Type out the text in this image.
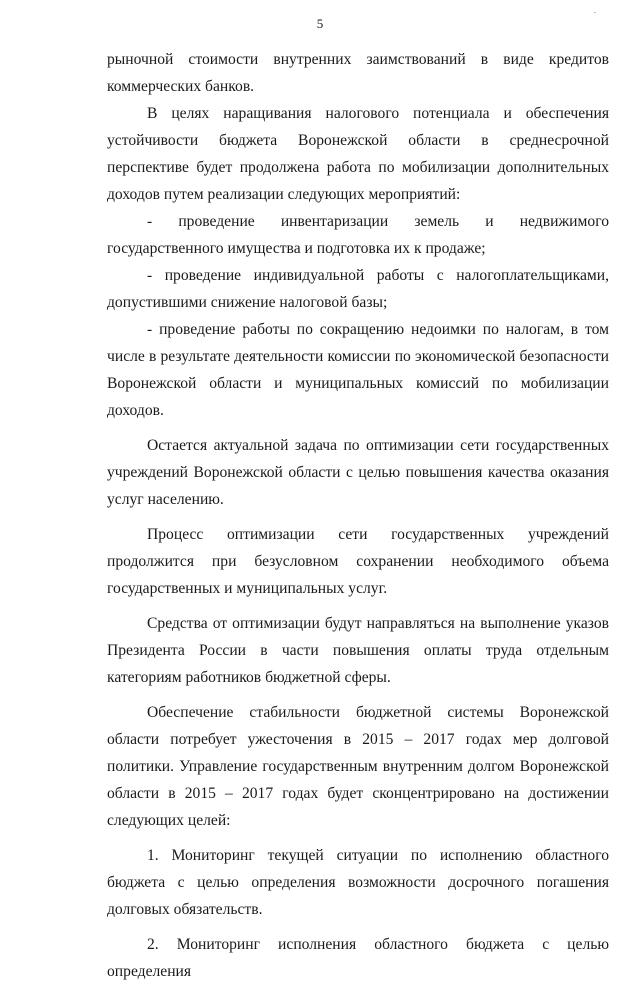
.
5

рыночной стоимости внутренних заимствований в виде кредитов коммерческих банков.

В целях наращивания налогового потенциала и обеспечения устойчивости бюджета Воронежской области в среднесрочной перспективе будет продолжена работа по мобилизации дополнительных доходов путем реализации следующих мероприятий:

- проведение инвентаризации земель и недвижимого государственного имущества и подготовка их к продаже;

- проведение индивидуальной работы с налогоплательщиками, допустившими снижение налоговой базы;

- проведение работы по сокращению недоимки по налогам, в том числе в результате деятельности комиссии по экономической безопасности Воронежской области и муниципальных комиссий по мобилизации доходов.

Остается актуальной задача по оптимизации сети государственных учреждений Воронежской области с целью повышения качества оказания услуг населению.

Процесс оптимизации сети государственных учреждений продолжится при безусловном сохранении необходимого объема государственных и муниципальных услуг.

Средства от оптимизации будут направляться на выполнение указов Президента России в части повышения оплаты труда отдельным категориям работников бюджетной сферы.

Обеспечение стабильности бюджетной системы Воронежской области потребует ужесточения в 2015 – 2017 годах мер долговой политики. Управление государственным внутренним долгом Воронежской области в 2015 – 2017 годах будет сконцентрировано на достижении следующих целей:

1. Мониторинг текущей ситуации по исполнению областного бюджета с целью определения возможности досрочного погашения долговых обязательств.

2. Мониторинг исполнения областного бюджета с целью определения
